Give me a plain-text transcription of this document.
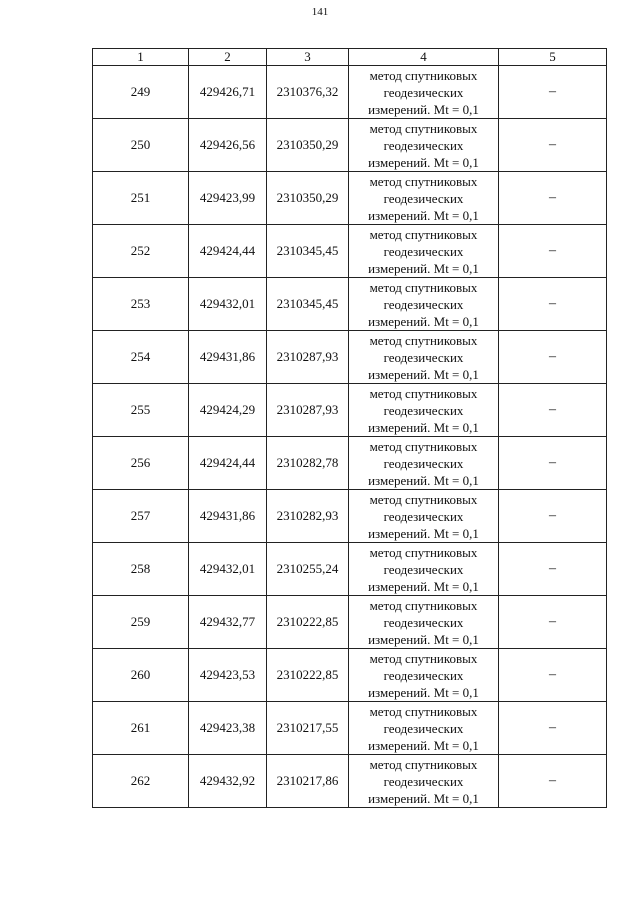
141
1	2	3	4	5
249	429426,71	2310376,32	метод спутниковых
геодезических
измерений. Mt = 0,1	–
250	429426,56	2310350,29	метод спутниковых
геодезических
измерений. Mt = 0,1	–
251	429423,99	2310350,29	метод спутниковых
геодезических
измерений. Mt = 0,1	–
252	429424,44	2310345,45	метод спутниковых
геодезических
измерений. Mt = 0,1	–
253	429432,01	2310345,45	метод спутниковых
геодезических
измерений. Mt = 0,1	–
254	429431,86	2310287,93	метод спутниковых
геодезических
измерений. Mt = 0,1	–
255	429424,29	2310287,93	метод спутниковых
геодезических
измерений. Mt = 0,1	–
256	429424,44	2310282,78	метод спутниковых
геодезических
измерений. Mt = 0,1	–
257	429431,86	2310282,93	метод спутниковых
геодезических
измерений. Mt = 0,1	–
258	429432,01	2310255,24	метод спутниковых
геодезических
измерений. Mt = 0,1	–
259	429432,77	2310222,85	метод спутниковых
геодезических
измерений. Mt = 0,1	–
260	429423,53	2310222,85	метод спутниковых
геодезических
измерений. Mt = 0,1	–
261	429423,38	2310217,55	метод спутниковых
геодезических
измерений. Mt = 0,1	–
262	429432,92	2310217,86	метод спутниковых
геодезических
измерений. Mt = 0,1	–
